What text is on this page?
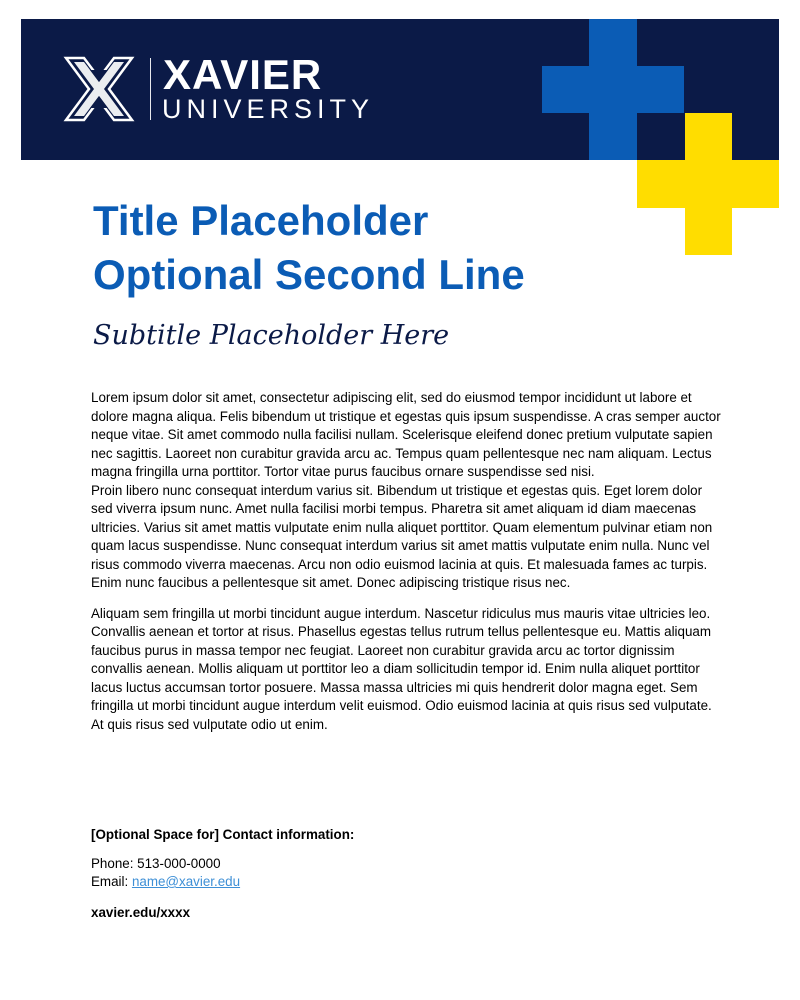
XAVIER
UNIVERSITY
Title Placeholder
Optional Second Line
Subtitle Placeholder Here

Lorem ipsum dolor sit amet, consectetur adipiscing elit, sed do eiusmod tempor incididunt ut labore et dolore magna aliqua. Felis bibendum ut tristique et egestas quis ipsum suspendisse. A cras semper auctor neque vitae. Sit amet commodo nulla facilisi nullam. Scelerisque eleifend donec pretium vulputate sapien nec sagittis. Laoreet non curabitur gravida arcu ac. Tempus quam pellentesque nec nam aliquam. Lectus magna fringilla urna porttitor. Tortor vitae purus faucibus ornare suspendisse sed nisi.

Proin libero nunc consequat interdum varius sit. Bibendum ut tristique et egestas quis. Eget lorem dolor sed viverra ipsum nunc. Amet nulla facilisi morbi tempus. Pharetra sit amet aliquam id diam maecenas ultricies. Varius sit amet mattis vulputate enim nulla aliquet porttitor. Quam elementum pulvinar etiam non quam lacus suspendisse. Nunc consequat interdum varius sit amet mattis vulputate enim nulla. Nunc vel risus commodo viverra maecenas. Arcu non odio euismod lacinia at quis. Et malesuada fames ac turpis. Enim nunc faucibus a pellentesque sit amet. Donec adipiscing tristique risus nec.

Aliquam sem fringilla ut morbi tincidunt augue interdum. Nascetur ridiculus mus mauris vitae ultricies leo. Convallis aenean et tortor at risus. Phasellus egestas tellus rutrum tellus pellentesque eu. Mattis aliquam faucibus purus in massa tempor nec feugiat. Laoreet non curabitur gravida arcu ac tortor dignissim convallis aenean. Mollis aliquam ut porttitor leo a diam sollicitudin tempor id. Enim nulla aliquet porttitor lacus luctus accumsan tortor posuere. Massa massa ultricies mi quis hendrerit dolor magna eget. Sem fringilla ut morbi tincidunt augue interdum velit euismod. Odio euismod lacinia at quis risus sed vulputate. At quis risus sed vulputate odio ut enim.

[Optional Space for] Contact information:

Phone: 513-000-0000

Email: name@xavier.edu

xavier.edu/xxxx
